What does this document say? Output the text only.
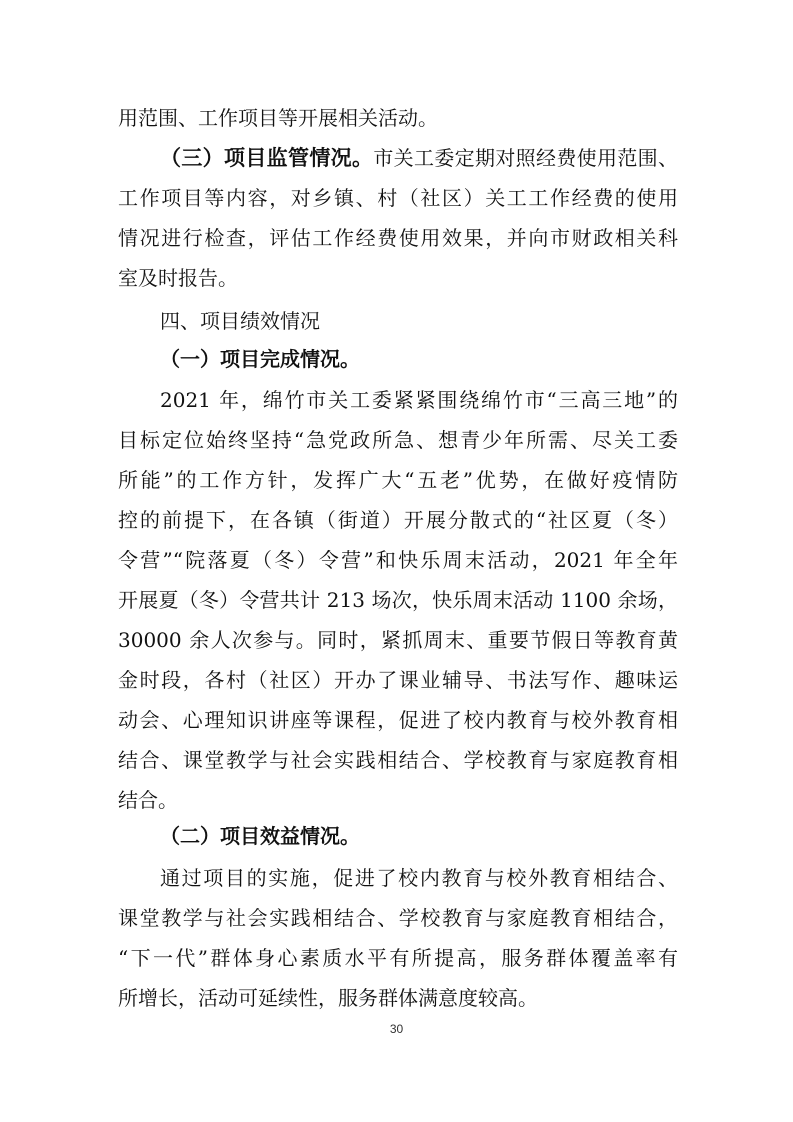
用范围、工作项目等开展相关活动。
（三）项目监管情况。市关工委定期对照经费使用范围、
工作项目等内容，对乡镇、村（社区）关工工作经费的使用
情况进行检查，评估工作经费使用效果，并向市财政相关科
室及时报告。
四、项目绩效情况
（一）项目完成情况。
2021 年，绵竹市关工委紧紧围绕绵竹市“三高三地”的
目标定位始终坚持“急党政所急、想青少年所需、尽关工委
所能”的工作方针，发挥广大“五老”优势，在做好疫情防
控的前提下，在各镇（街道）开展分散式的“社区夏（冬）
令营”“院落夏（冬）令营”和快乐周末活动，2021 年全年
开展夏（冬）令营共计 213 场次，快乐周末活动 1100 余场，
30000 余人次参与。同时，紧抓周末、重要节假日等教育黄
金时段，各村（社区）开办了课业辅导、书法写作、趣味运
动会、心理知识讲座等课程，促进了校内教育与校外教育相
结合、课堂教学与社会实践相结合、学校教育与家庭教育相
结合。
（二）项目效益情况。
通过项目的实施，促进了校内教育与校外教育相结合、
课堂教学与社会实践相结合、学校教育与家庭教育相结合，
“下一代”群体身心素质水平有所提高，服务群体覆盖率有
所增长，活动可延续性，服务群体满意度较高。
30
